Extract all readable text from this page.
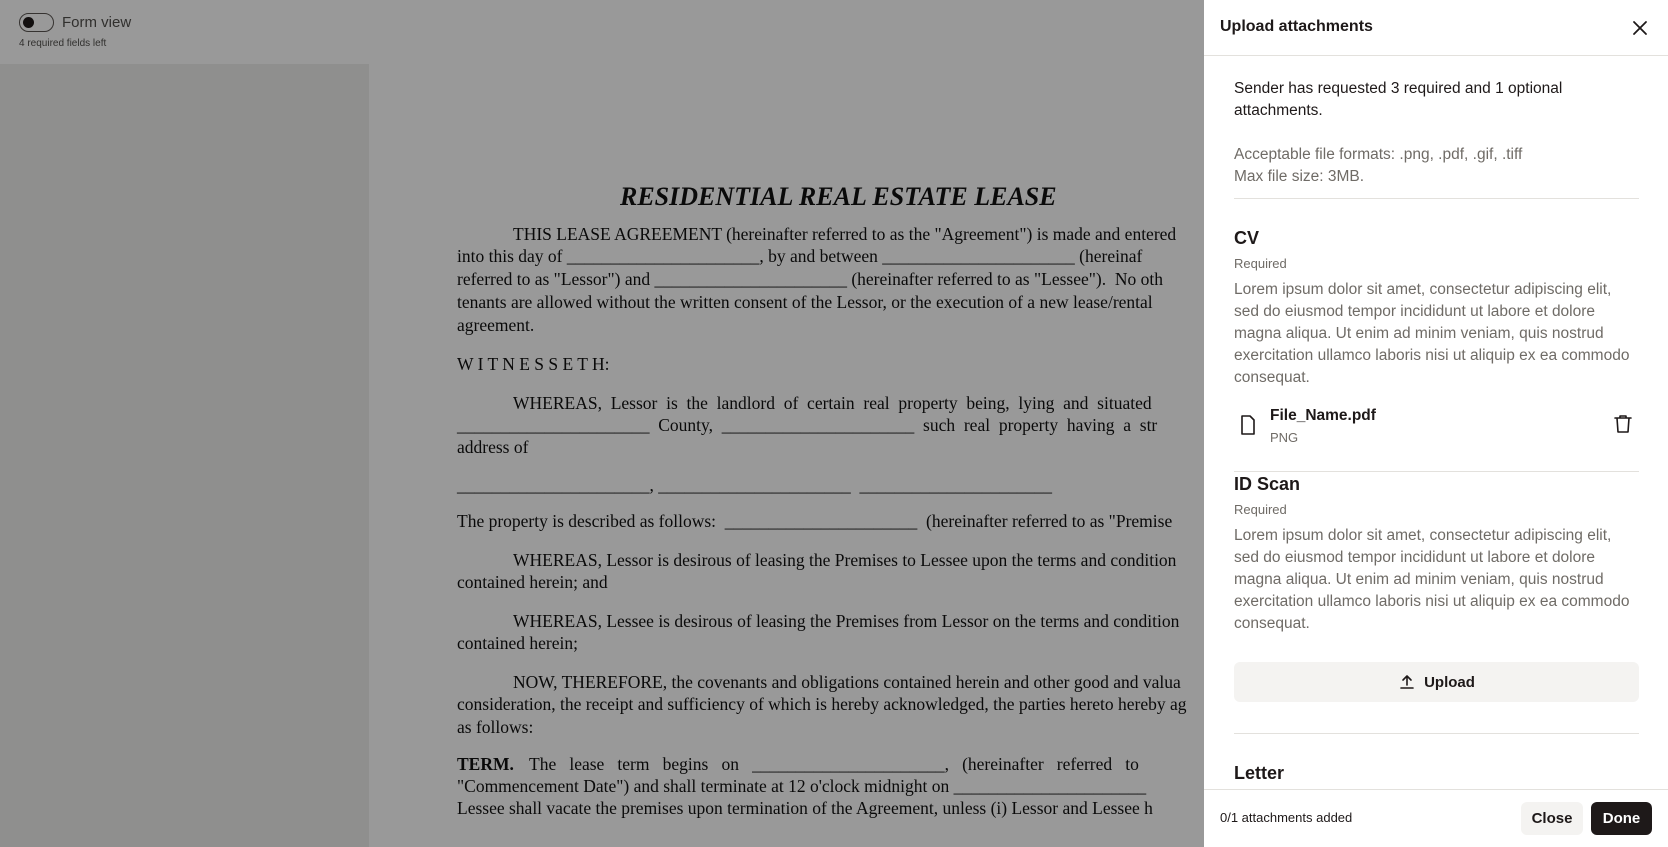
Form view
4 required fields left
RESIDENTIAL REAL ESTATE LEASE
THIS LEASE AGREEMENT (hereinafter referred to as the "Agreement") is made and entered
into this day of ______________________, by and between ______________________ (hereinaf
referred to as "Lessor") and ______________________ (hereinafter referred to as "Lessee").  No oth
tenants are allowed without the written consent of the Lessor, or the execution of a new lease/rental
agreement.
W I T N E S S E T H:
WHEREAS,  Lessor  is  the  landlord  of  certain  real  property  being,  lying  and  situated
______________________  County,  ______________________  such  real  property  having  a  str
address of
______________________, ______________________  ______________________
The property is described as follows:  ______________________  (hereinafter referred to as "Premise
WHEREAS, Lessor is desirous of leasing the Premises to Lessee upon the terms and condition
contained herein; and
WHEREAS, Lessee is desirous of leasing the Premises from Lessor on the terms and condition
contained herein;
NOW, THEREFORE, the covenants and obligations contained herein and other good and valua
consideration, the receipt and sufficiency of which is hereby acknowledged, the parties hereto hereby ag
as follows:
TERM. The   lease   term   begins   on   ______________________,   (hereinafter   referred   to
"Commencement Date") and shall terminate at 12 o'clock midnight on ______________________
Lessee shall vacate the premises upon termination of the Agreement, unless (i) Lessor and Lessee h
Upload attachments
Sender has requested 3 required and 1 optional attachments.
Acceptable file formats: .png, .pdf, .gif, .tiff
Max file size: 3MB.
CV
Required
Lorem ipsum dolor sit amet, consectetur adipiscing elit, sed do eiusmod tempor incididunt ut labore et dolore magna aliqua. Ut enim ad minim veniam, quis nostrud exercitation ullamco laboris nisi ut aliquip ex ea commodo consequat.
File_Name.pdf
PNG
ID Scan
Required
Lorem ipsum dolor sit amet, consectetur adipiscing elit, sed do eiusmod tempor incididunt ut labore et dolore magna aliqua. Ut enim ad minim veniam, quis nostrud exercitation ullamco laboris nisi ut aliquip ex ea commodo consequat.
Upload
Letter
0/1 attachments added	Close	Done
